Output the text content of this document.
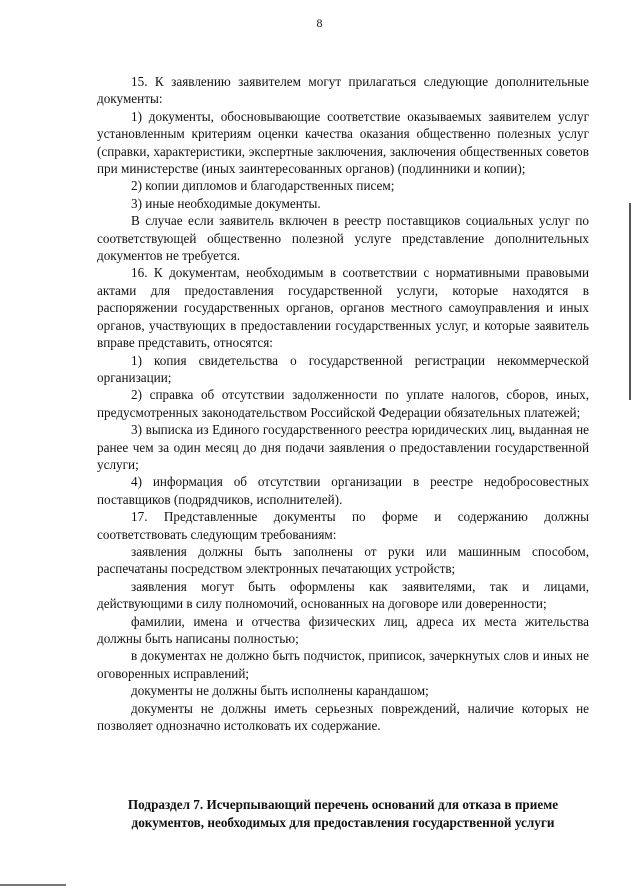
8

15. К заявлению заявителем могут прилагаться следующие дополнительные документы:

1) документы, обосновывающие соответствие оказываемых заявителем услуг установленным критериям оценки качества оказания общественно полезных услуг (справки, характеристики, экспертные заключения, заключения общественных советов при министерстве (иных заинтересованных органов) (подлинники и копии);

2) копии дипломов и благодарственных писем;

3) иные необходимые документы.

В случае если заявитель включен в реестр поставщиков социальных услуг по соответствующей общественно полезной услуге представление дополнительных документов не требуется.

16. К документам, необходимым в соответствии с нормативными правовыми актами для предоставления государственной услуги, которые находятся в распоряжении государственных органов, органов местного самоуправления и иных органов, участвующих в предоставлении государственных услуг, и которые заявитель вправе представить, относятся:

1) копия свидетельства о государственной регистрации некоммерческой организации;

2) справка об отсутствии задолженности по уплате налогов, сборов, иных, предусмотренных законодательством Российской Федерации обязательных платежей;

3) выписка из Единого государственного реестра юридических лиц, выданная не ранее чем за один месяц до дня подачи заявления о предоставлении государственной услуги;

4) информация об отсутствии организации в реестре недобросовестных поставщиков (подрядчиков, исполнителей).

17. Представленные документы по форме и содержанию должны соответствовать следующим требованиям:

заявления должны быть заполнены от руки или машинным способом, распечатаны посредством электронных печатающих устройств;

заявления могут быть оформлены как заявителями, так и лицами, действующими в силу полномочий, основанных на договоре или доверенности;

фамилии, имена и отчества физических лиц, адреса их места жительства должны быть написаны полностью;

в документах не должно быть подчисток, приписок, зачеркнутых слов и иных не оговоренных исправлений;

документы не должны быть исполнены карандашом;

документы не должны иметь серьезных повреждений, наличие которых не позволяет однозначно истолковать их содержание.

Подраздел 7. Исчерпывающий перечень оснований для отказа в приеме документов, необходимых для предоставления государственной услуги
